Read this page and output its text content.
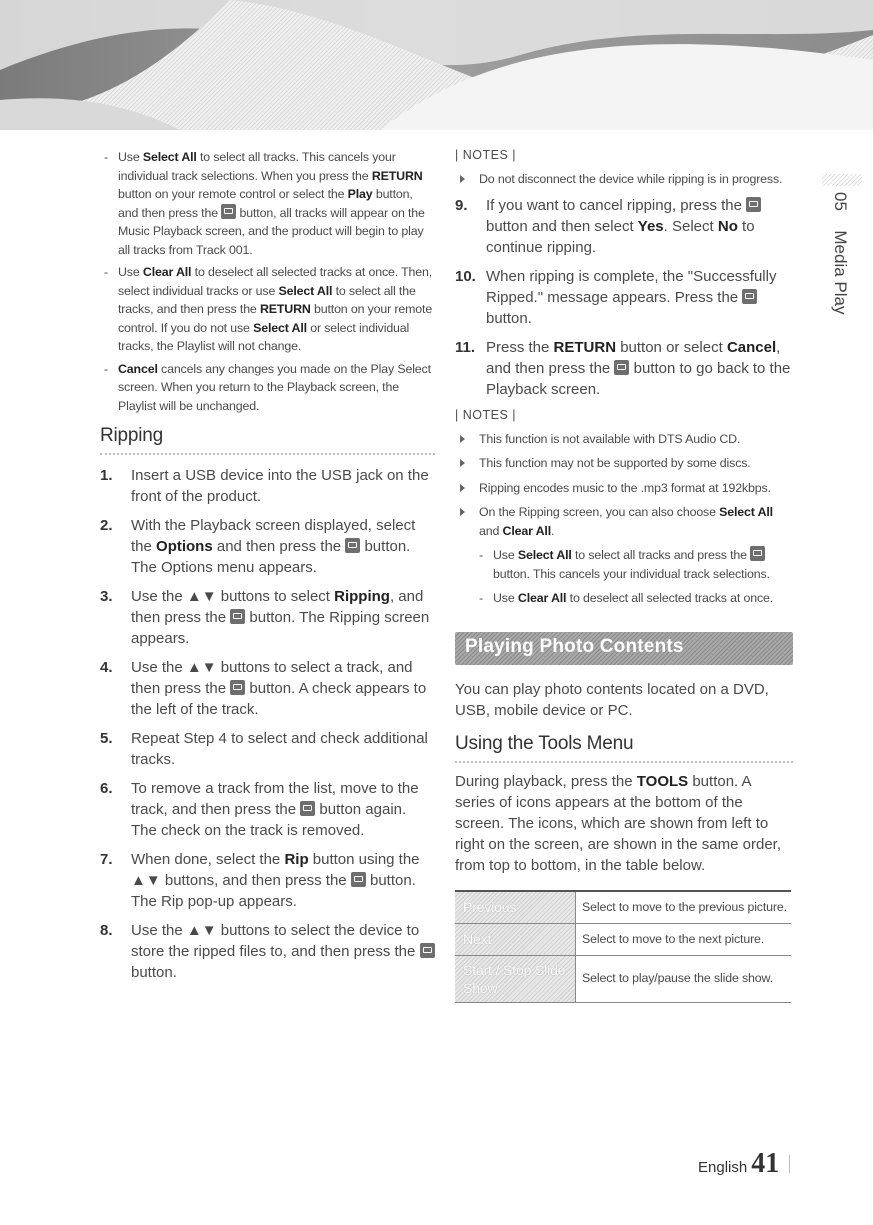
- Use Select All to select all tracks. This cancels your individual track selections. When you press the RETURN button on your remote control or select the Play button, and then press the  button, all tracks will appear on the Music Playback screen, and the product will begin to play all tracks from Track 001.
- Use Clear All to deselect all selected tracks at once. Then, select individual tracks or use Select All to select all the tracks, and then press the RETURN button on your remote control. If you do not use Select All or select individual tracks, the Playlist will not change.
- Cancel cancels any changes you made on the Play Select screen. When you return to the Playback screen, the Playlist will be unchanged.
Ripping
1. Insert a USB device into the USB jack on the front of the product.
2. With the Playback screen displayed, select the Options and then press the  button. The Options menu appears.
3. Use the ▲▼ buttons to select Ripping, and then press the  button. The Ripping screen appears.
4. Use the ▲▼ buttons to select a track, and then press the  button. A check appears to the left of the track.
5. Repeat Step 4 to select and check additional tracks.
6. To remove a track from the list, move to the track, and then press the  button again. The check on the track is removed.
7. When done, select the Rip button using the ▲▼ buttons, and then press the  button. The Rip pop-up appears.
8. Use the ▲▼ buttons to select the device to store the ripped files to, and then press the  button.
| NOTES |
Do not disconnect the device while ripping is in progress.
9. If you want to cancel ripping, press the  button and then select Yes. Select No to continue ripping.
10. When ripping is complete, the "Successfully Ripped." message appears. Press the  button.
11. Press the RETURN button or select Cancel, and then press the  button to go back to the Playback screen.
| NOTES |
This function is not available with DTS Audio CD.
This function may not be supported by some discs.
Ripping encodes music to the .mp3 format at 192kbps.
On the Ripping screen, you can also choose Select All and Clear All.
- Use Select All to select all tracks and press the  button. This cancels your individual track selections.
- Use Clear All to deselect all selected tracks at once.
Playing Photo Contents
You can play photo contents located on a DVD, USB, mobile device or PC.
Using the Tools Menu
During playback, press the TOOLS button. A series of icons appears at the bottom of the screen. The icons, which are shown from left to right on the screen, are shown in the same order, from top to bottom, in the table below.
Previous	Select to move to the previous picture.
Next	Select to move to the next picture.
Start / Stop Slide Show	Select to play/pause the slide show.
05  Media Play
English 41
